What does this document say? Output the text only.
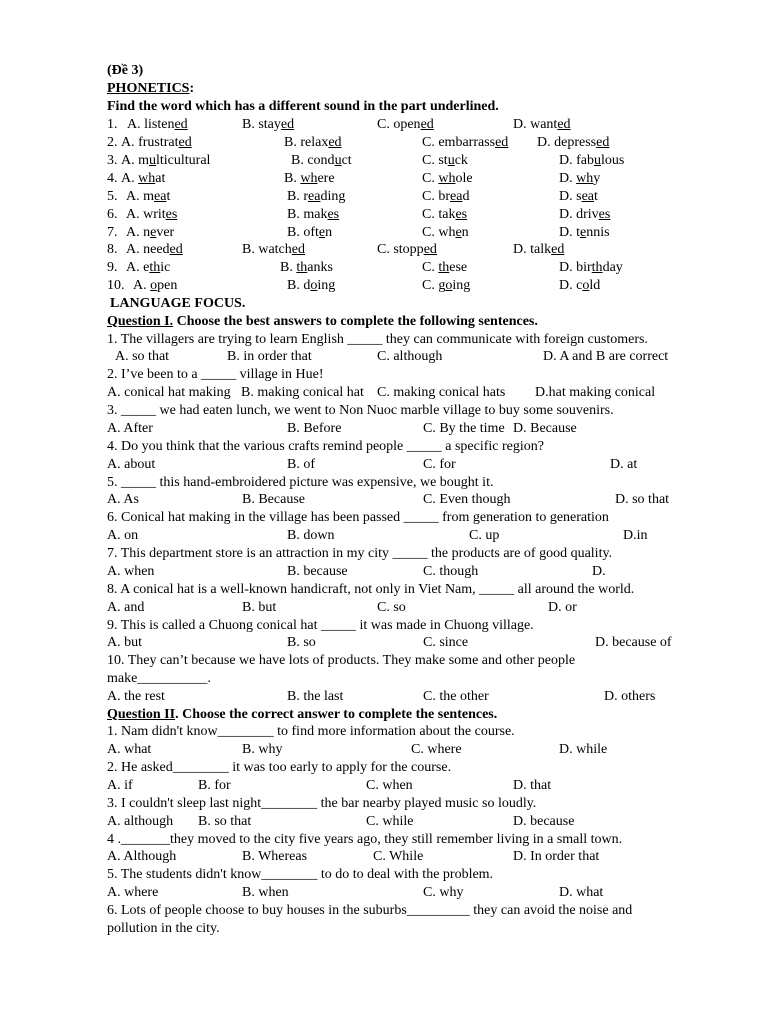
(Đề 3)
PHONETICS:
Find the word which has a different sound in the part underlined.
1. A. listened	B. stayed	C. opened	D. wanted
2. A. frustrated	B. relaxed	C. embarrassed D. depressed
3. A. multicultural	B. conduct	C. stuck	D. fabulous
4. A. what	B. where	C. whole	D. why
5. A. meat	B. reading	C. bread	D. seat
6. A. writes	B. makes	C. takes	D. drives
7. A. never	B. often	C. when	D. tennis
8. A. needed	B. watched	C. stopped	D. talked
9. A. ethic	B. thanks	C. these	D. birthday
10. A. open	B. doing	C. going	D. cold
LANGUAGE FOCUS.
Question I. Choose the best answers to complete the following sentences.
1. The villagers are trying to learn English _____ they can communicate with foreign customers.
A. so that	B. in order that	C. although	D. A and B are correct
2. I’ve been to a _____ village in Hue!
A. conical hat making B. making conical hat C. making conical hats D.hat making conical
3. _____ we had eaten lunch, we went to Non Nuoc marble village to buy some souvenirs.
A. After	B. Before	C. By the time D. Because
4. Do you think that the various crafts remind people _____ a specific region?
A. about	B. of	C. for	D. at
5. _____ this hand-embroidered picture was expensive, we bought it.
A. As	B. Because	C. Even though	D. so that
6. Conical hat making in the village has been passed _____ from generation to generation
A. on	B. down	C. up	D.in
7. This department store is an attraction in my city _____ the products are of good quality.
A. when	B. because	C. though	D.
8. A conical hat is a well-known handicraft, not only in Viet Nam, _____ all around the world.
A. and	B. but	C. so	D. or
9. This is called a Chuong conical hat _____ it was made in Chuong village.
A. but	B. so	C. since	D. because of
10. They can’t because we have lots of products. They make some and other people
make__________.
A. the rest	B. the last	C. the other	D. others
Question II. Choose the correct answer to complete the sentences.
1. Nam didn't know________ to find more information about the course.
A. what	B. why	C. where	D. while
2. He asked________ it was too early to apply for the course.
A. if	B. for	C. when	D. that
3. I couldn't sleep last night________ the bar nearby played music so loudly.
A. although B. so that	C. while	D. because
4 ._______they moved to the city five years ago, they still remember living in a small town.
A. Although	B. Whereas	C. While	D. In order that
5. The students didn't know________ to do to deal with the problem.
A. where	B. when	C. why	D. what
6. Lots of people choose to buy houses in the suburbs_________ they can avoid the noise and
pollution in the city.
